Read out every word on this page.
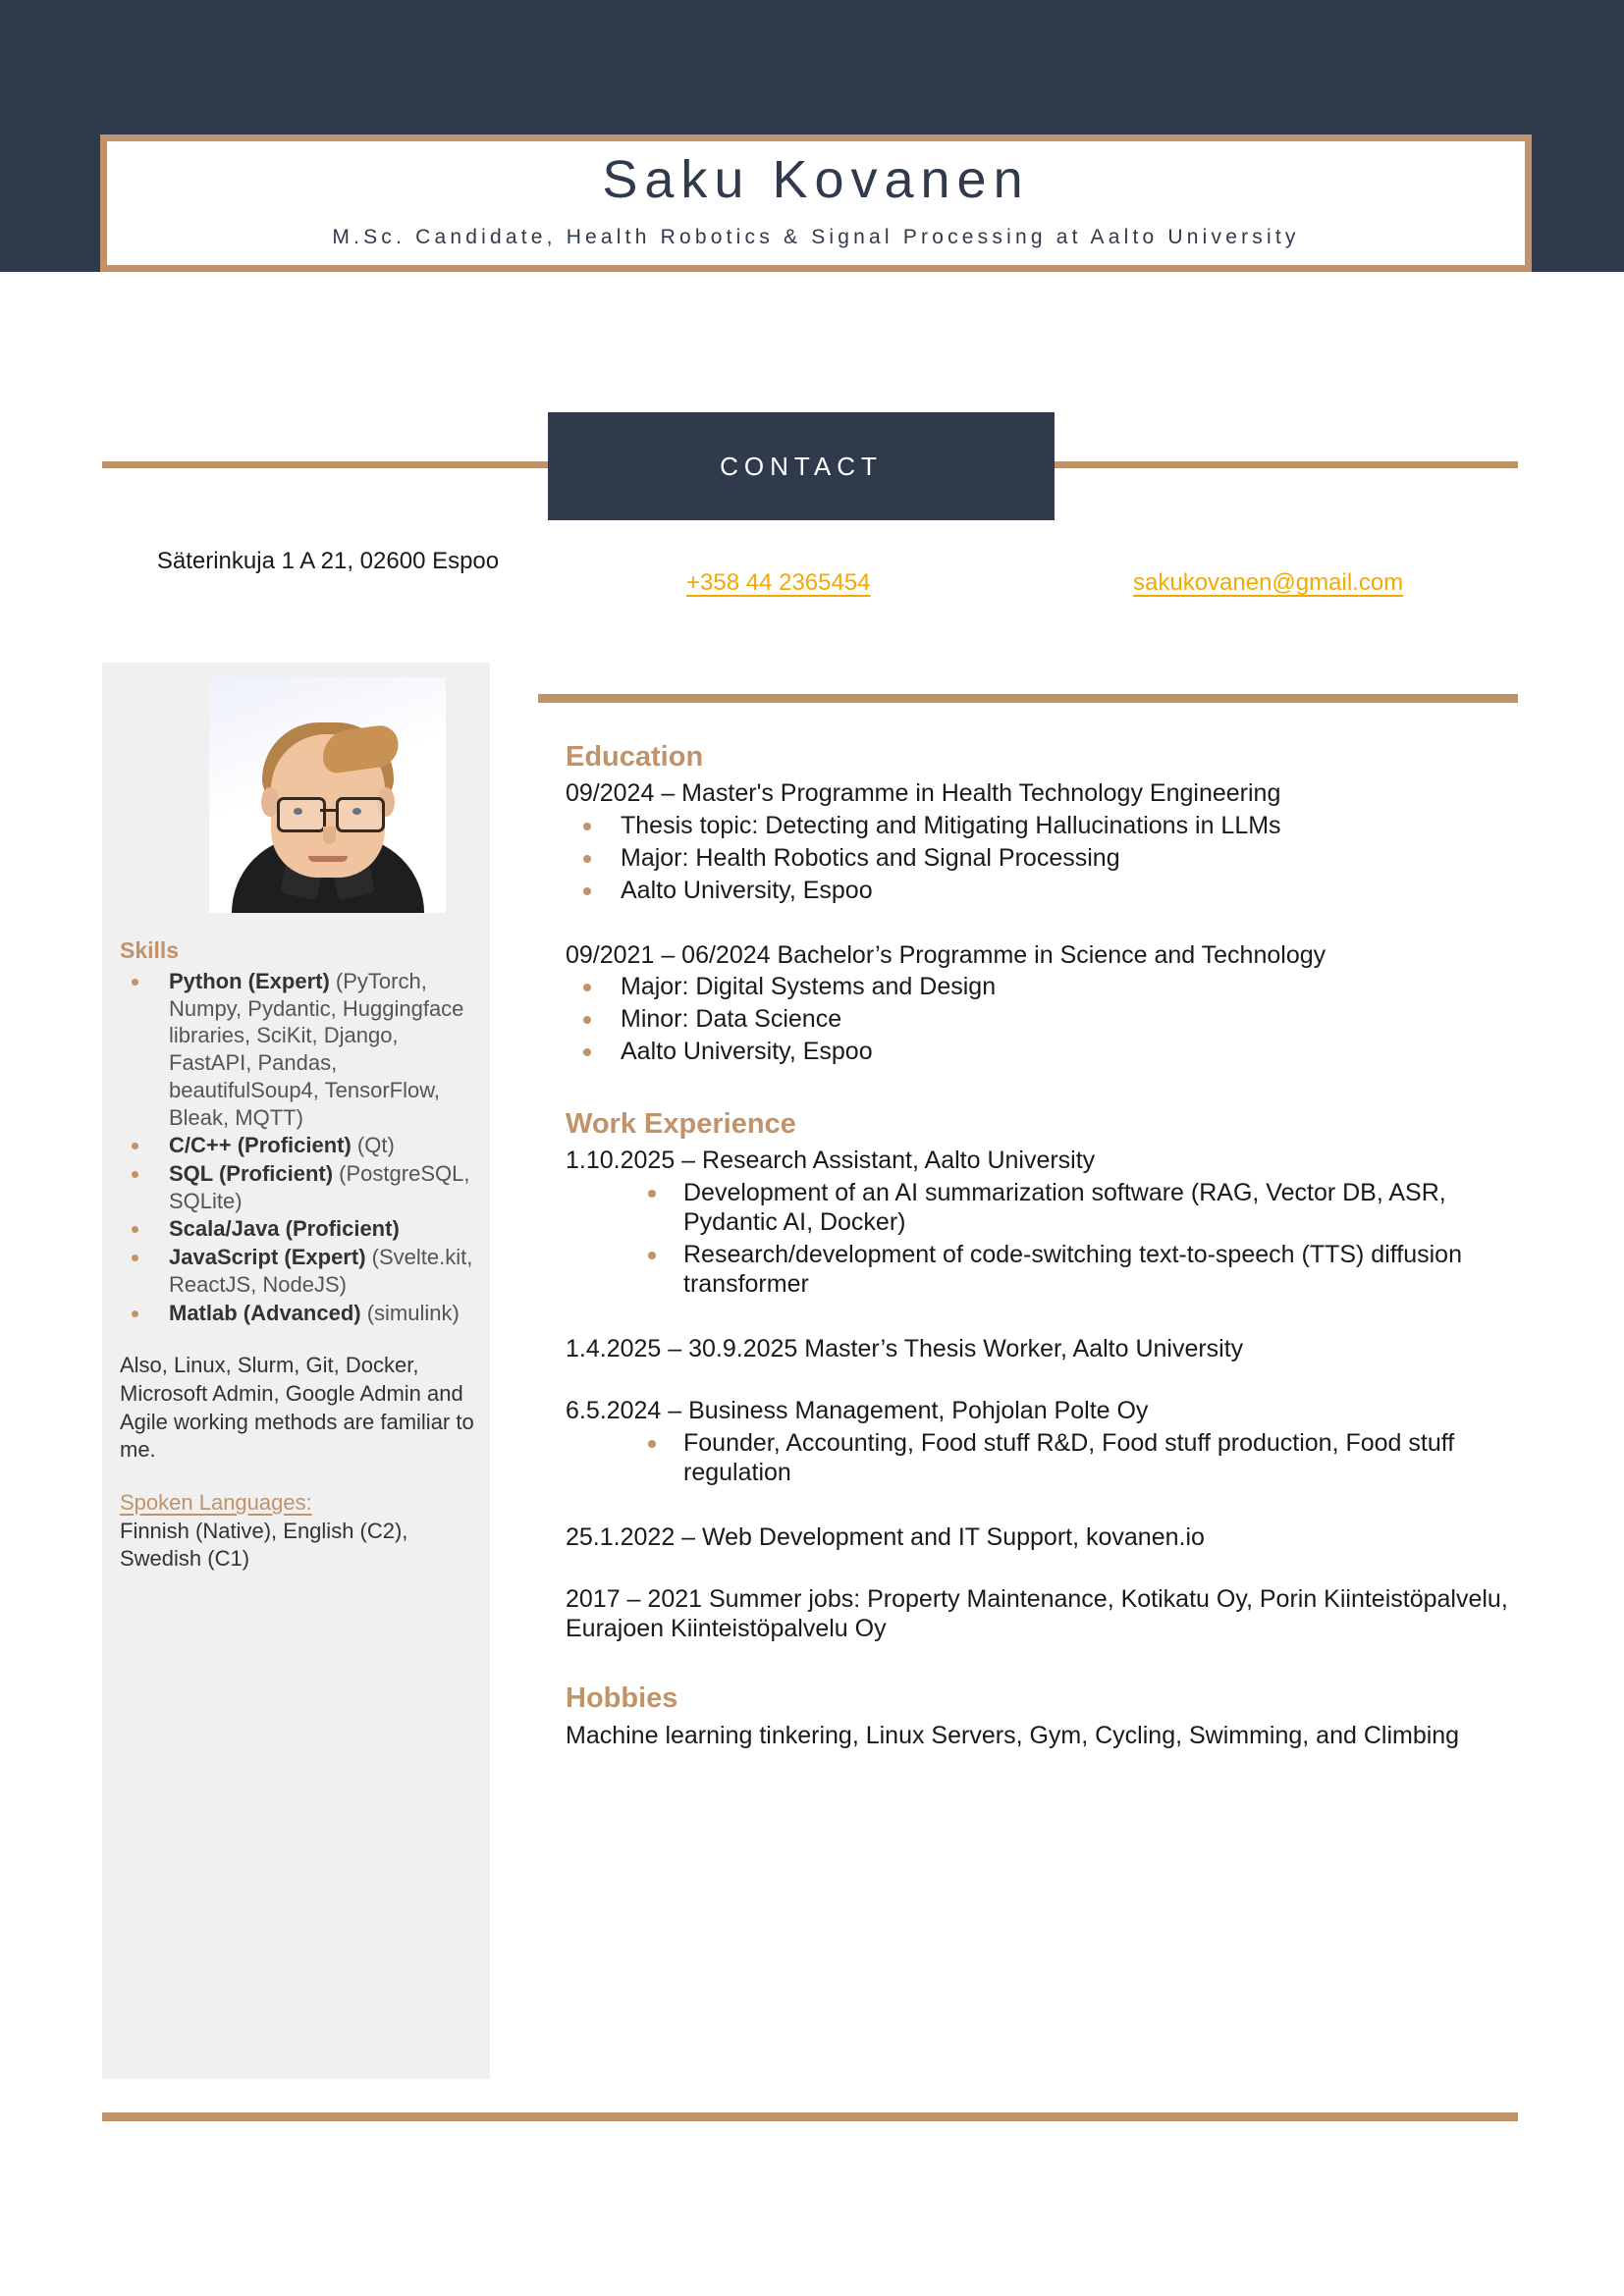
Saku Kovanen
M.Sc. Candidate, Health Robotics & Signal Processing at Aalto University
CONTACT
Säterinkuja 1 A 21, 02600 Espoo
+358 44 2365454	sakukovanen@gmail.com
Skills
Python (Expert) (PyTorch, Numpy, Pydantic, Huggingface libraries, SciKit, Django, FastAPI, Pandas, beautifulSoup4, TensorFlow, Bleak, MQTT)
C/C++ (Proficient) (Qt)
SQL (Proficient) (PostgreSQL, SQLite)
Scala/Java (Proficient)
JavaScript (Expert) (Svelte.kit, ReactJS, NodeJS)
Matlab (Advanced) (simulink)

Also, Linux, Slurm, Git, Docker, Microsoft Admin, Google Admin and Agile working methods are familiar to me.

Spoken Languages:

Finnish (Native), English (C2), Swedish (C1)

Education

09/2024 – Master's Programme in Health Technology Engineering

Thesis topic: Detecting and Mitigating Hallucinations in LLMs
Major: Health Robotics and Signal Processing
Aalto University, Espoo

09/2021 – 06/2024 Bachelor’s Programme in Science and Technology

Major: Digital Systems and Design
Minor: Data Science
Aalto University, Espoo
Work Experience

1.10.2025 – Research Assistant, Aalto University

Development of an AI summarization software (RAG, Vector DB, ASR, Pydantic AI, Docker)
Research/development of code-switching text-to-speech (TTS) diffusion transformer

1.4.2025 – 30.9.2025 Master’s Thesis Worker, Aalto University

6.5.2024 – Business Management, Pohjolan Polte Oy

Founder, Accounting, Food stuff R&D, Food stuff production, Food stuff regulation

25.1.2022 – Web Development and IT Support, kovanen.io

2017 – 2021 Summer jobs: Property Maintenance, Kotikatu Oy, Porin Kiinteistöpalvelu, Eurajoen Kiinteistöpalvelu Oy

Hobbies

Machine learning tinkering, Linux Servers, Gym, Cycling, Swimming, and Climbing
